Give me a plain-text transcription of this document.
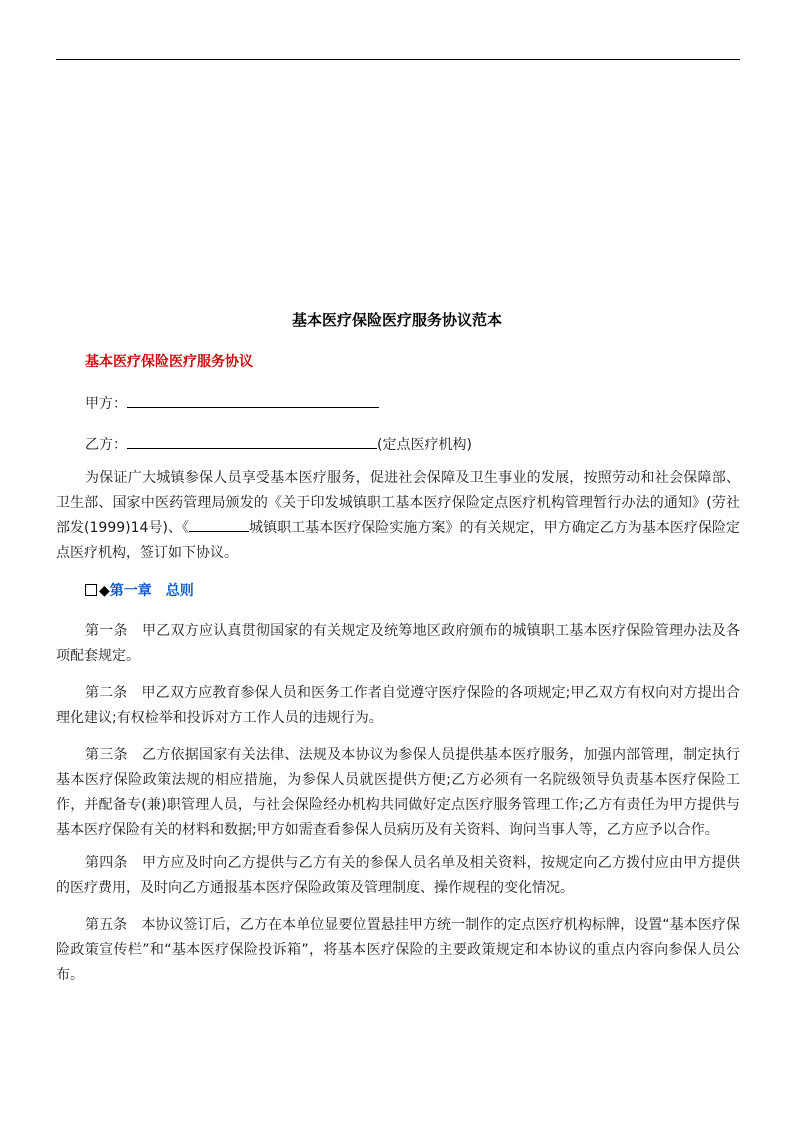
基本医疗保险医疗服务协议范本
基本医疗保险医疗服务协议
甲方：
乙方：	(定点医疗机构)

为保证广大城镇参保人员享受基本医疗服务，促进社会保障及卫生事业的发展，按照劳动和社会保障部、卫生部、国家中医药管理局颁发的《关于印发城镇职工基本医疗保险定点医疗机构管理暂行办法的通知》(劳社部发(1999)14号)、《	城镇职工基本医疗保险实施方案》的有关规定，甲方确定乙方为基本医疗保险定点医疗机构，签订如下协议。

◆第一章　总则

第一条　甲乙双方应认真贯彻国家的有关规定及统筹地区政府颁布的城镇职工基本医疗保险管理办法及各项配套规定。

第二条　甲乙双方应教育参保人员和医务工作者自觉遵守医疗保险的各项规定;甲乙双方有权向对方提出合理化建议;有权检举和投诉对方工作人员的违规行为。

第三条　乙方依据国家有关法律、法规及本协议为参保人员提供基本医疗服务，加强内部管理，制定执行基本医疗保险政策法规的相应措施，为参保人员就医提供方便;乙方必须有一名院级领导负责基本医疗保险工作，并配备专(兼)职管理人员，与社会保险经办机构共同做好定点医疗服务管理工作;乙方有责任为甲方提供与基本医疗保险有关的材料和数据;甲方如需查看参保人员病历及有关资料、询问当事人等，乙方应予以合作。

第四条　甲方应及时向乙方提供与乙方有关的参保人员名单及相关资料，按规定向乙方拨付应由甲方提供的医疗费用，及时向乙方通报基本医疗保险政策及管理制度、操作规程的变化情况。

第五条　本协议签订后，乙方在本单位显要位置悬挂甲方统一制作的定点医疗机构标牌，设置“基本医疗保险政策宣传栏”和“基本医疗保险投诉箱”，将基本医疗保险的主要政策规定和本协议的重点内容向参保人员公布。
